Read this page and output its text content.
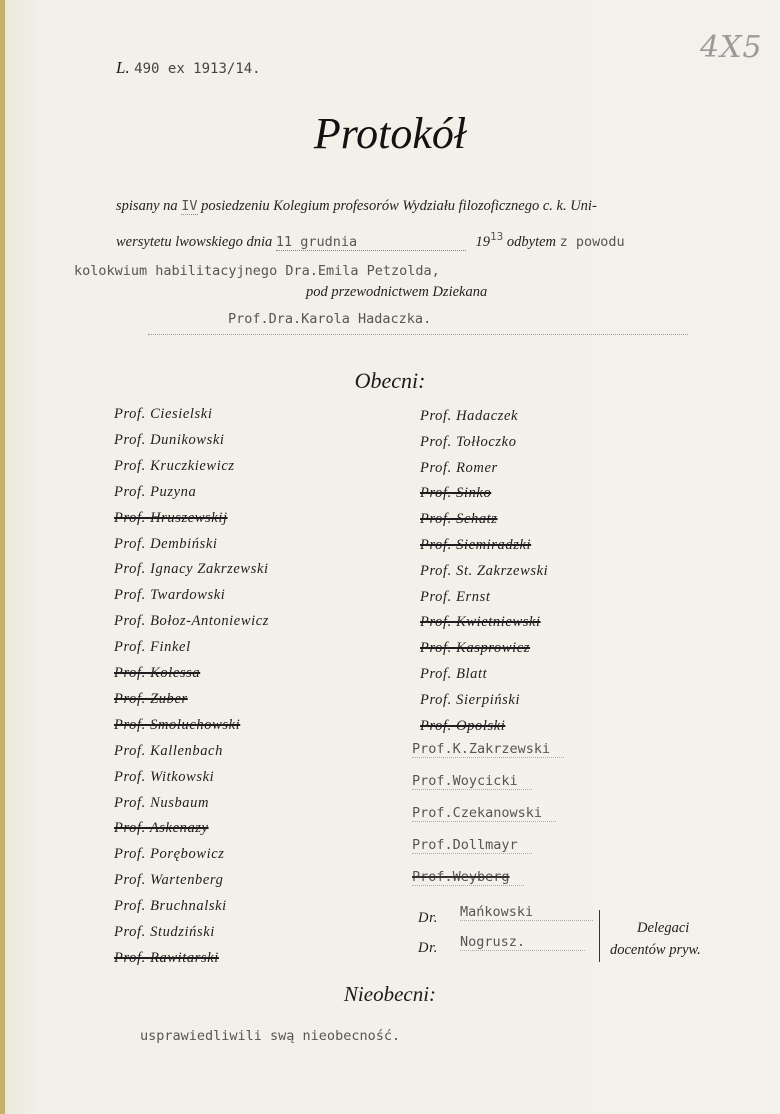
4X5
L. 490 ex 1913/14.
Protokół
spisany na IV posiedzeniu Kolegium profesorów Wydziału filozoficznego c. k. Uni-
wersytetu lwowskiego dnia 11 grudnia	$19^{13}$ odbytem z powodu
kolokwium habilitacyjnego Dra.Emila Petzolda,
pod przewodnictwem Dziekana
Prof.Dra.Karola Hadaczka.
Obecni:
Prof. Ciesielski
Prof. Dunikowski
Prof. Kruczkiewicz
Prof. Puzyna
Prof. Hruszewskij
Prof. Dembiński
Prof. Ignacy Zakrzewski
Prof. Twardowski
Prof. Bołoz-Antoniewicz
Prof. Finkel
Prof. Kolessa
Prof. Zuber
Prof. Smoluchowski
Prof. Kallenbach
Prof. Witkowski
Prof. Nusbaum
Prof. Askenazy
Prof. Porębowicz
Prof. Wartenberg
Prof. Bruchnalski
Prof. Studziński
Prof. Rawitarski
Prof. Hadaczek
Prof. Tołłoczko
Prof. Romer
Prof. Sinko
Prof. Schatz
Prof. Siemiradzki
Prof. St. Zakrzewski
Prof. Ernst
Prof. Kwietniewski
Prof. Kasprowicz
Prof. Blatt
Prof. Sierpiński
Prof. Opolski
Prof.K.Zakrzewski
Prof.Woycicki
Prof.Czekanowski
Prof.Dollmayr
Prof.Weyberg
Dr. Mańkowski
Dr. Nogrusz.
Delegaci
docentów pryw.
Nieobecni:
usprawiedliwili swą nieobecność.
